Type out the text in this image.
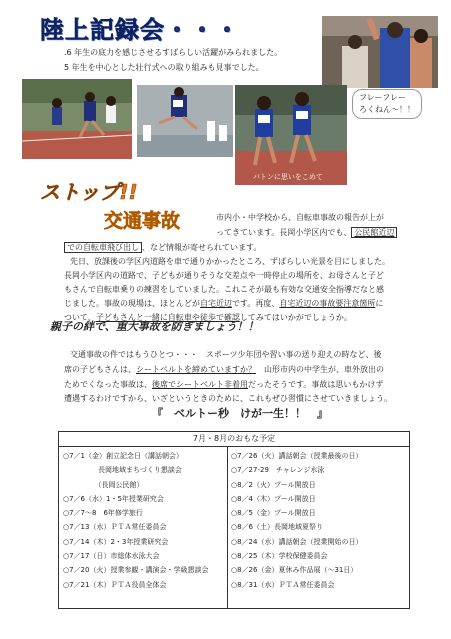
陸上記録会・・・
.6 年生の底力を感じさせるすばらしい活躍がみられました。
5 年生を中心とした壮行式への取り組みも見事でした。
バトンに思いをこめて
フレーフレー
ろくねん〜！！
ストップ!!
交通事故	市内小・中学校から、自転車事故の報告が上が
ってきています。長岡小学区内でも、 公民館近辺
での自転車飛び出し 、など情報が寄せられています。
先日、放課後の学区内道路を車で通りかかったところ、ずばらしい光景を目にしました。
長岡小学区内の道路で、子どもが通りそうな交差点や一時停止の場所を、お母さんと子ど
もさんで自転車乗りの練習をしていました。これこそが最も有効な交通安全指導だなと感
じました。事故の現場は、ほとんどが自宅近辺です。再度、自宅近辺の事故要注意箇所に
ついて、子どもさんと一緒に自転車や徒歩で確認してみてはいかがでしょうか。
親子の絆で、重大事故を防ぎましょう！！
交通事故の件ではもうひとつ・・・　スポーツ少年団や習い事の送り迎えの時など、後
席の子どもさんは、シートベルトを締めていますか？　山形市内の中学生が、車外放出の
ためでくなった事故は、後席でシートベルト非着用だったそうです。事故は思いもかけず
遭遇するわけですから、いざというときのために、これもぜひ習慣にさせていきましょう。
『　ベルトー秒　けが一生！！　』
7月・8月のおもな予定
○7／1（金）創立記念日（講話朝会）
　　　　　長岡地域まちづくり懇談会
　　　　　（長岡公民館）
○7／6（水）1・5年授業研究会
○7／7～8　6年修学旅行
○7／13（水）ＰＴＡ常任委員会
○7／14（木）2・3年授業研究会
○7／17（日）市総体水泳大会
○7／20（火）授業参観・講演会・学級懇談会
○7／21（木）ＰＴＡ役員全体会
○7／26（火）講話朝会（授業最後の日）
○7／27-29　チャレンジ水泳
○8／2（火）プール開放日
○8／4（木）プール開放日
○8／5（金）プール開放日
○8／6（土）長岡地域夏祭り
○8／24（水）講話朝会（授業開始の日）
○8／25（木）学校保健委員会
○8／26（金）夏休み作品展（～31日）
○8／31（水）ＰＴＡ常任委員会
